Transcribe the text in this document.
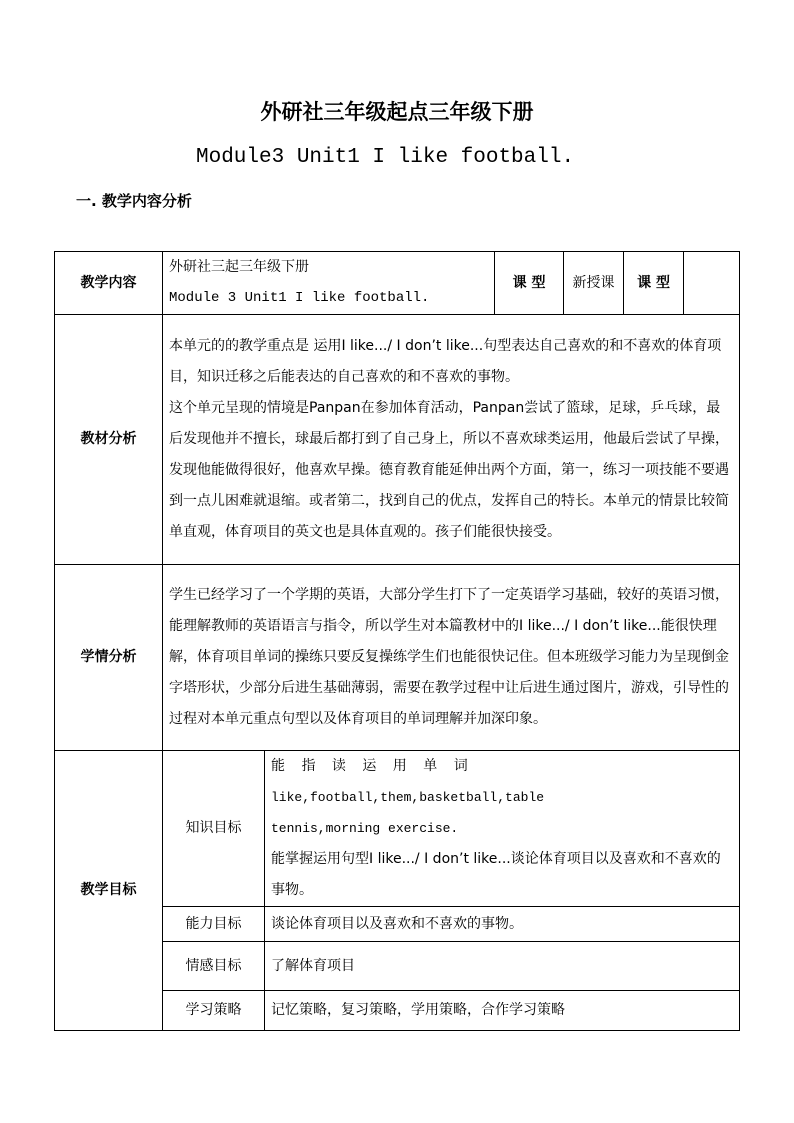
外研社三年级起点三年级下册
Module3 Unit1 I like football.
一. 教学内容分析
教学内容	外研社三起三年级下册
Module 3 Unit1 I like football.		课 型	新授课	课 型	
教材分析	本单元的的教学重点是 运用I like.../ I don’t like...句型表达自己喜欢的和不喜欢的体育项目，知识迁移之后能表达的自己喜欢的和不喜欢的事物。
这个单元呈现的情境是Panpan在参加体育活动，Panpan尝试了篮球，足球，乒乓球，最后发现他并不擅长，球最后都打到了自己身上，所以不喜欢球类运用，他最后尝试了早操，发现他能做得很好，他喜欢早操。德育教育能延伸出两个方面，第一，练习一项技能不要遇到一点儿困难就退缩。或者第二，找到自己的优点，发挥自己的特长。本单元的情景比较简单直观，体育项目的英文也是具体直观的。孩子们能很快接受。					

学情分析	学生已经学习了一个学期的英语，大部分学生打下了一定英语学习基础，较好的英语习惯，能理解教师的英语语言与指令，所以学生对本篇教材中的I like.../ I don’t like...能很快理解，体育项目单词的操练只要反复操练学生们也能很快记住。但本班级学习能力为呈现倒金字塔形状，少部分后进生基础薄弱，需要在教学过程中让后进生通过图片，游戏，引导性的过程对本单元重点句型以及体育项目的单词理解并加深印象。					

教学目标	知识目标	能 指 读 运 用 单 词 like,football,them,basketball,table
tennis,morning exercise.
能掌握运用句型I like.../ I don’t like...谈论体育项目以及喜欢和不喜欢的事物。				

	能力目标	谈论体育项目以及喜欢和不喜欢的事物。				
	情感目标	了解体育项目				
	学习策略	记忆策略，复习策略，学用策略，合作学习策略				
